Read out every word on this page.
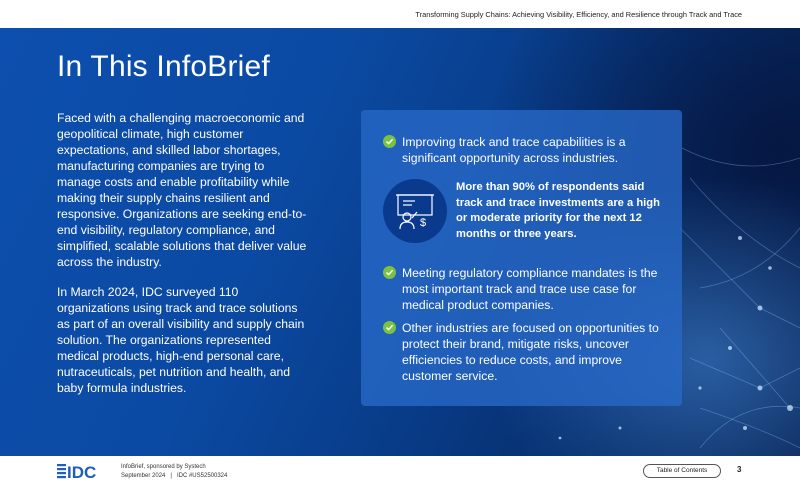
Transforming Supply Chains: Achieving Visibility, Efficiency, and Resilience through Track and Trace
In This InfoBrief

Faced with a challenging macroeconomic and geopolitical climate, high customer expectations, and skilled labor shortages, manufacturing companies are trying to manage costs and enable profitability while making their supply chains resilient and responsive. Organizations are seeking end-to-end visibility, regulatory compliance, and simplified, scalable solutions that deliver value across the industry.

In March 2024, IDC surveyed 110 organizations using track and trace solutions as part of an overall visibility and supply chain solution. The organizations represented medical products, high-end personal care, nutraceuticals, pet nutrition and health, and baby formula industries.

Improving track and trace capabilities is a significant opportunity across industries.
$
More than 90% of respondents said track and trace investments are a high or moderate priority for the next 12 months or three years.
Meeting regulatory compliance mandates is the most important track and trace use case for medical product companies.
Other industries are focused on opportunities to protect their brand, mitigate risks, uncover efficiencies to reduce costs, and improve customer service.
IDC	InfoBrief, sponsored by Systech
September 2024 | IDC #US52500324
Table of Contents	3
